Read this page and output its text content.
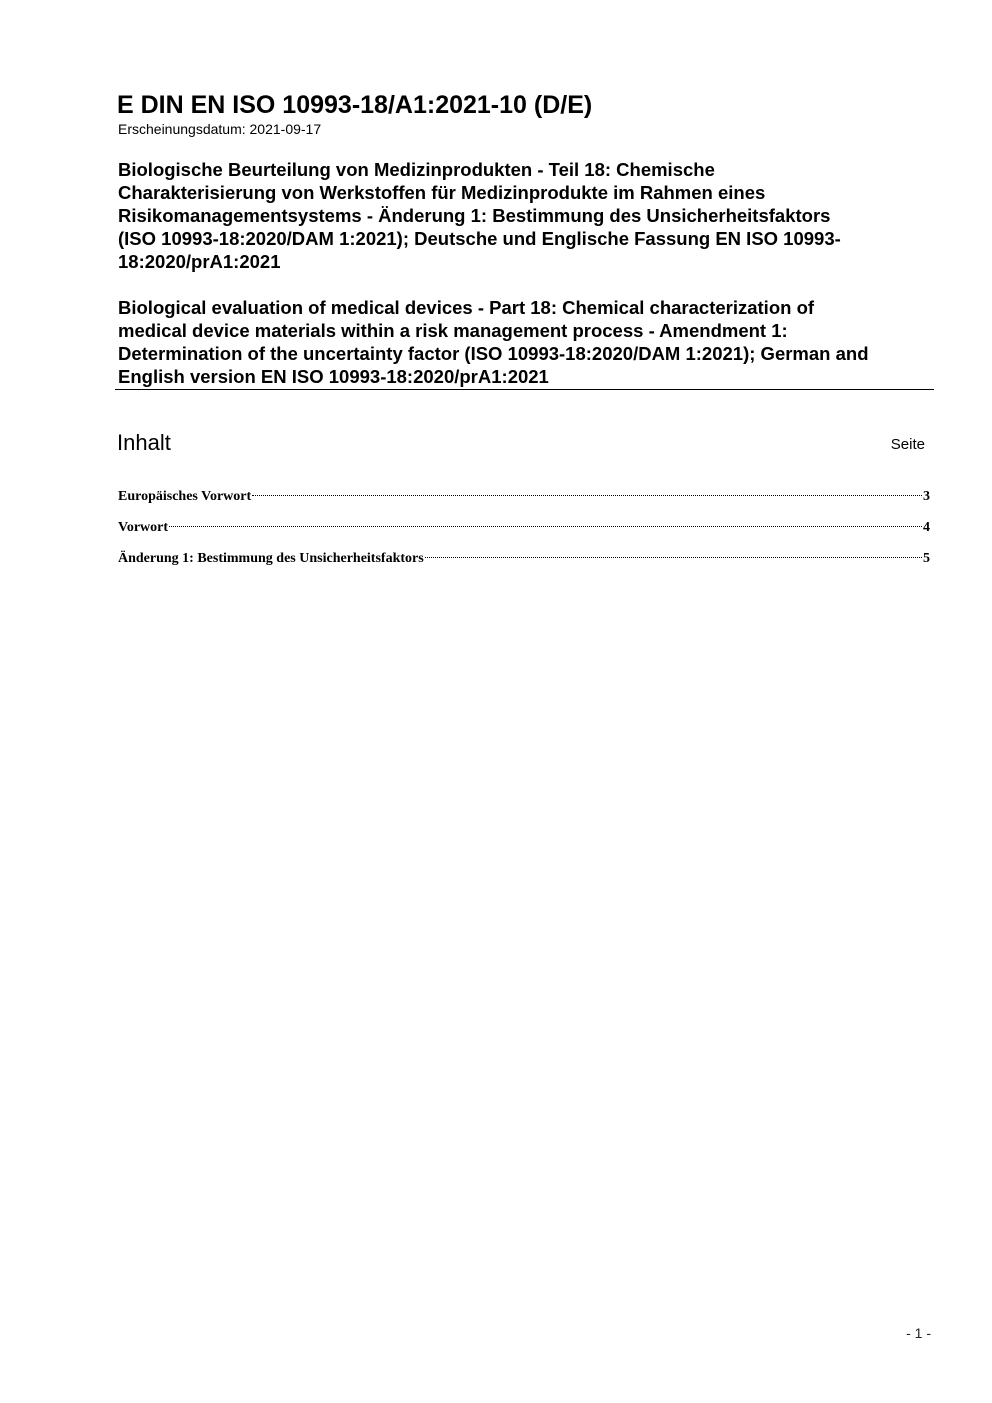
E DIN EN ISO 10993-18/A1:2021-10 (D/E)
Erscheinungsdatum: 2021-09-17
Biologische Beurteilung von Medizinprodukten - Teil 18: Chemische
Charakterisierung von Werkstoffen für Medizinprodukte im Rahmen eines
Risikomanagementsystems - Änderung 1: Bestimmung des Unsicherheitsfaktors
(ISO 10993-18:2020/DAM 1:2021); Deutsche und Englische Fassung EN ISO 10993-
18:2020/prA1:2021
Biological evaluation of medical devices - Part 18: Chemical characterization of
medical device materials within a risk management process - Amendment 1:
Determination of the uncertainty factor (ISO 10993-18:2020/DAM 1:2021); German and
English version EN ISO 10993-18:2020/prA1:2021
Inhalt	Seite
Europäisches Vorwort	3
Vorwort	4
Änderung 1: Bestimmung des Unsicherheitsfaktors	5
- 1 -
